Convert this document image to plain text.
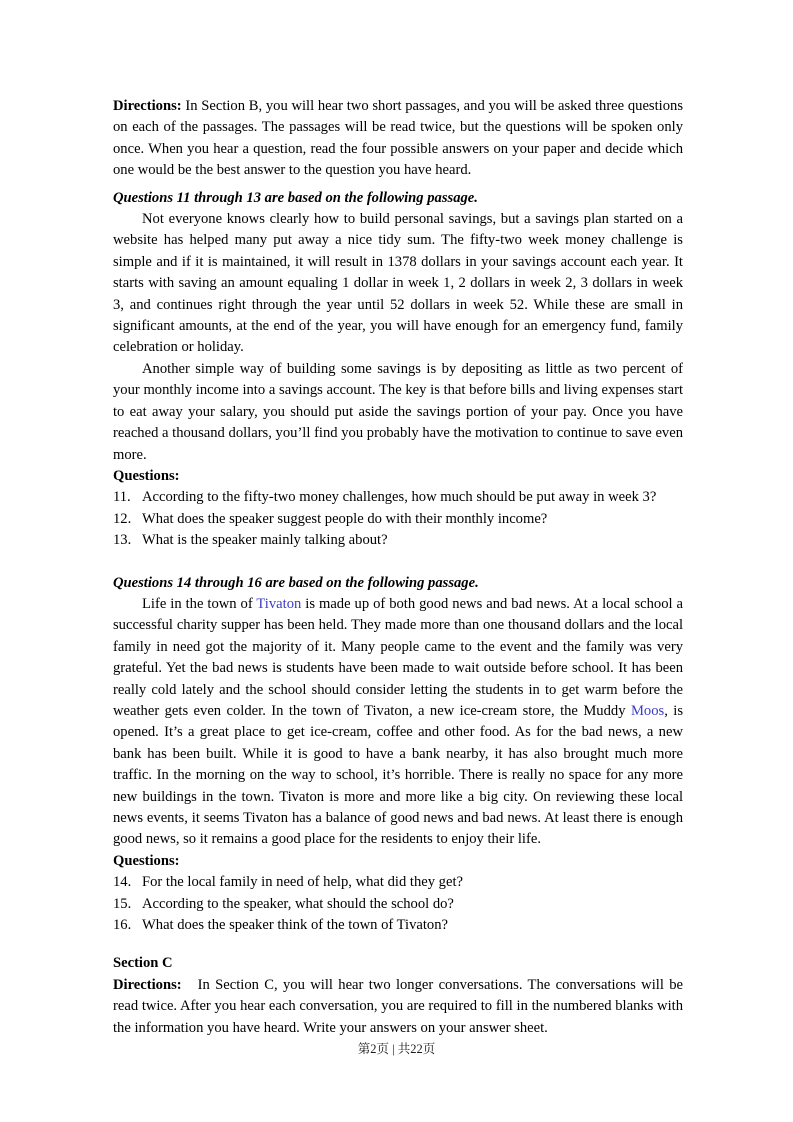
Directions: In Section B, you will hear two short passages, and you will be asked three questions on each of the passages. The passages will be read twice, but the questions will be spoken only once. When you hear a question, read the four possible answers on your paper and decide which one would be the best answer to the question you have heard.

Questions 11 through 13 are based on the following passage.

Not everyone knows clearly how to build personal savings, but a savings plan started on a website has helped many put away a nice tidy sum. The fifty-two week money challenge is simple and if it is maintained, it will result in 1378 dollars in your savings account each year. It starts with saving an amount equaling 1 dollar in week 1, 2 dollars in week 2, 3 dollars in week 3, and continues right through the year until 52 dollars in week 52. While these are small in significant amounts, at the end of the year, you will have enough for an emergency fund, family celebration or holiday.

Another simple way of building some savings is by depositing as little as two percent of your monthly income into a savings account. The key is that before bills and living expenses start to eat away your salary, you should put aside the savings portion of your pay. Once you have reached a thousand dollars, you’ll find you probably have the motivation to continue to save even more.

Questions:

11. According to the fifty-two money challenges, how much should be put away in week 3?
12. What does the speaker suggest people do with their monthly income?
13. What is the speaker mainly talking about?

Questions 14 through 16 are based on the following passage.

Life in the town of Tivaton is made up of both good news and bad news. At a local school a successful charity supper has been held. They made more than one thousand dollars and the local family in need got the majority of it. Many people came to the event and the family was very grateful. Yet the bad news is students have been made to wait outside before school. It has been really cold lately and the school should consider letting the students in to get warm before the weather gets even colder. In the town of Tivaton, a new ice-cream store, the Muddy Moos, is opened. It’s a great place to get ice-cream, coffee and other food. As for the bad news, a new bank has been built. While it is good to have a bank nearby, it has also brought much more traffic. In the morning on the way to school, it’s horrible. There is really no space for any more new buildings in the town. Tivaton is more and more like a big city. On reviewing these local news events, it seems Tivaton has a balance of good news and bad news. At least there is enough good news, so it remains a good place for the residents to enjoy their life.

Questions:

14. For the local family in need of help, what did they get?
15. According to the speaker, what should the school do?
16. What does the speaker think of the town of Tivaton?

Section C

Directions: In Section C, you will hear two longer conversations. The conversations will be read twice. After you hear each conversation, you are required to fill in the numbered blanks with the information you have heard. Write your answers on your answer sheet.

第2页 | 共22页
